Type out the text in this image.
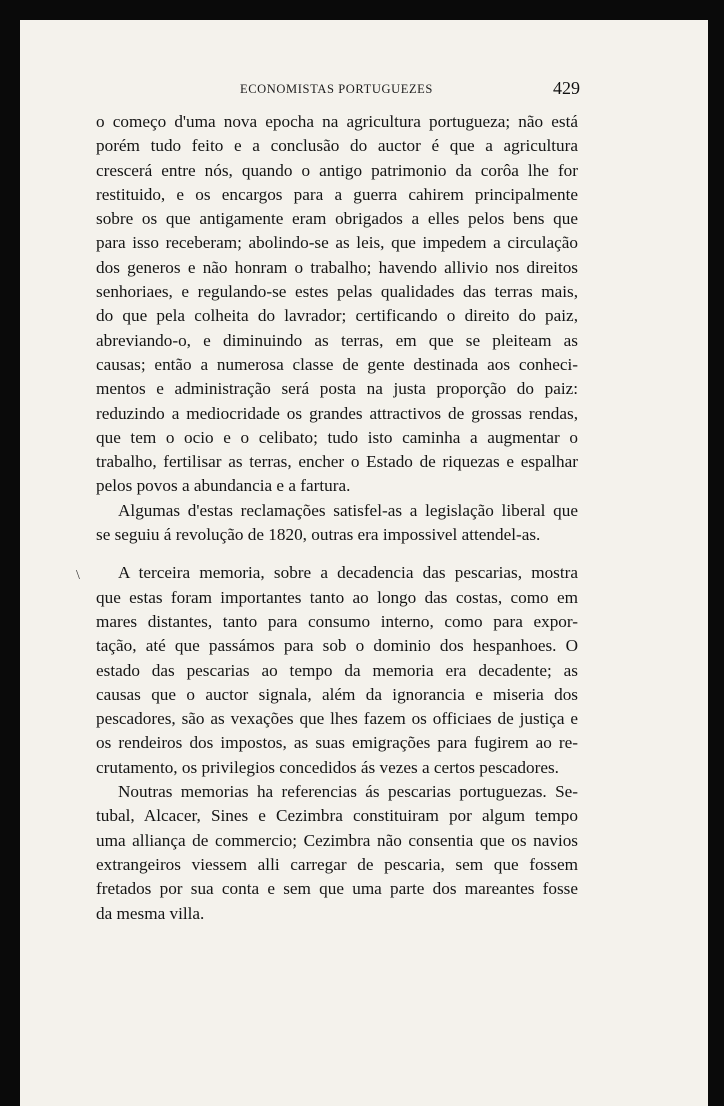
ECONOMISTAS PORTUGUEZES	429
\
o começo d'uma nova epocha na agricultura portugueza; não está
porém tudo feito e a conclusão do auctor é que a agricultura
crescerá entre nós, quando o antigo patrimonio da corôa lhe for
restituido, e os encargos para a guerra cahirem principalmente
sobre os que antigamente eram obrigados a elles pelos bens que
para isso receberam; abolindo-se as leis, que impedem a circulação
dos generos e não honram o trabalho; havendo allivio nos direitos
senhoriaes, e regulando-se estes pelas qualidades das terras mais,
do que pela colheita do lavrador; certificando o direito do paiz,
abreviando-o, e diminuindo as terras, em que se pleiteam as
causas; então a numerosa classe de gente destinada aos conheci-
mentos e administração será posta na justa proporção do paiz:
reduzindo a mediocridade os grandes attractivos de grossas rendas,
que tem o ocio e o celibato; tudo isto caminha a augmentar o
trabalho, fertilisar as terras, encher o Estado de riquezas e espalhar
pelos povos a abundancia e a fartura.
Algumas d'estas reclamações satisfel-as a legislação liberal que
se seguiu á revolução de 1820, outras era impossivel attendel-as.
A terceira memoria, sobre a decadencia das pescarias, mostra
que estas foram importantes tanto ao longo das costas, como em
mares distantes, tanto para consumo interno, como para expor-
tação, até que passámos para sob o dominio dos hespanhoes. O
estado das pescarias ao tempo da memoria era decadente; as
causas que o auctor signala, além da ignorancia e miseria dos
pescadores, são as vexações que lhes fazem os officiaes de justiça e
os rendeiros dos impostos, as suas emigrações para fugirem ao re-
crutamento, os privilegios concedidos ás vezes a certos pescadores.
Noutras memorias ha referencias ás pescarias portuguezas. Se-
tubal, Alcacer, Sines e Cezimbra constituiram por algum tempo
uma alliança de commercio; Cezimbra não consentia que os navios
extrangeiros viessem alli carregar de pescaria, sem que fossem
fretados por sua conta e sem que uma parte dos mareantes fosse
da mesma villa.
